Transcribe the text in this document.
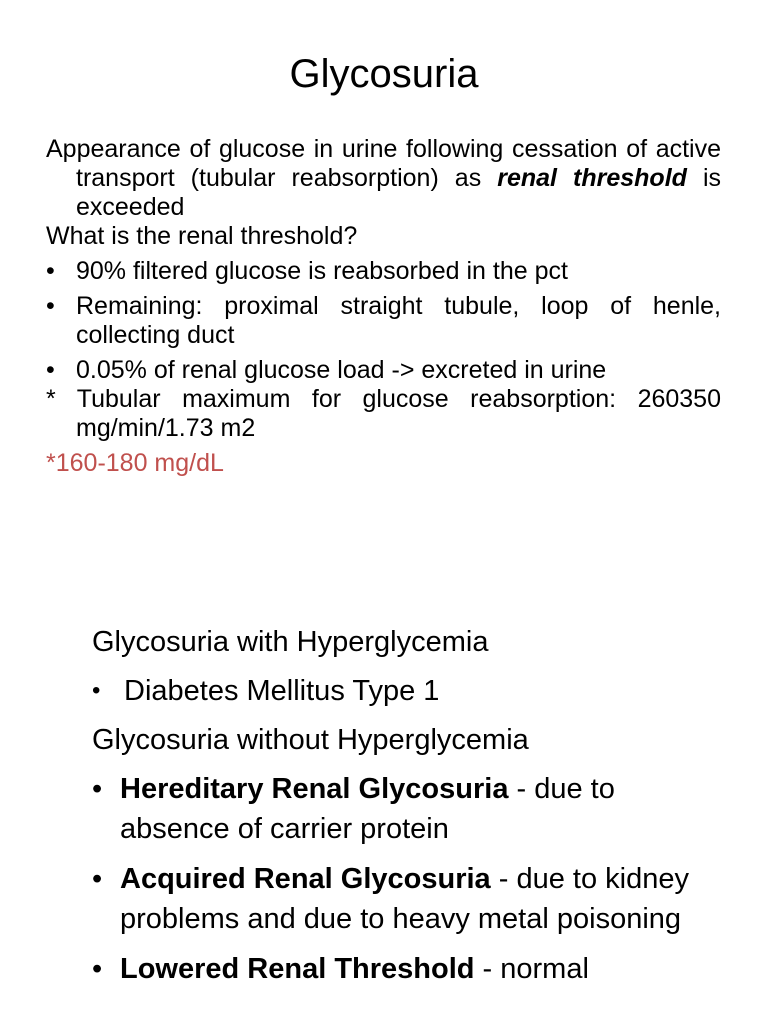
Glycosuria

Appearance of glucose in urine following cessation of active transport (tubular reabsorption) as renal threshold is exceeded

What is the renal threshold?

• 90% filtered glucose is reabsorbed in the pct

• Remaining: proximal straight tubule, loop of henle, collecting duct

• 0.05% of renal glucose load -> excreted in urine

* Tubular maximum for glucose reabsorption: 260350 mg/min/1.73 m2

*160-180 mg/dL

Glycosuria with Hyperglycemia

• Diabetes Mellitus Type 1

Glycosuria without Hyperglycemia

• Hereditary Renal Glycosuria - due to absence of carrier protein

• Acquired Renal Glycosuria - due to kidney problems and due to heavy metal poisoning

• Lowered Renal Threshold - normal
